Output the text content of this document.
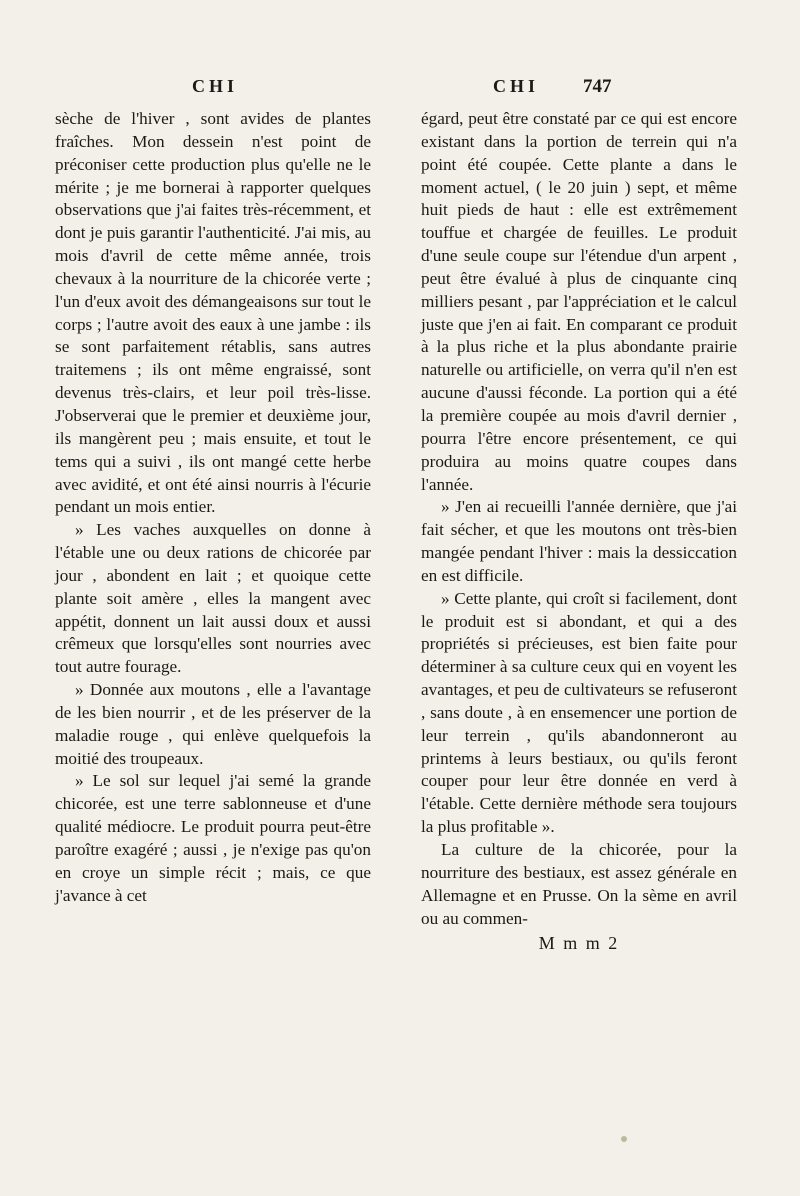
CHI	CHI 747

sèche de l'hiver , sont avides de plantes fraîches. Mon dessein n'est point de préconiser cette production plus qu'elle ne le mérite ; je me bornerai à rapporter quelques observations que j'ai faites très-récemment, et dont je puis garantir l'authenticité. J'ai mis, au mois d'avril de cette même année, trois chevaux à la nourriture de la chicorée verte ; l'un d'eux avoit des démangeaisons sur tout le corps ; l'autre avoit des eaux à une jambe : ils se sont parfaitement rétablis, sans autres traitemens ; ils ont même engraissé, sont devenus très-clairs, et leur poil très-lisse. J'observerai que le premier et deuxième jour, ils mangèrent peu ; mais ensuite, et tout le tems qui a suivi , ils ont mangé cette herbe avec avidité, et ont été ainsi nourris à l'écurie pendant un mois entier.

» Les vaches auxquelles on donne à l'étable une ou deux rations de chicorée par jour , abondent en lait ; et quoique cette plante soit amère , elles la mangent avec appétit, donnent un lait aussi doux et aussi crêmeux que lorsqu'elles sont nourries avec tout autre fourage.

» Donnée aux moutons , elle a l'avantage de les bien nourrir , et de les préserver de la maladie rouge , qui enlève quelquefois la moitié des troupeaux.

» Le sol sur lequel j'ai semé la grande chicorée, est une terre sablonneuse et d'une qualité médiocre. Le produit pourra peut-être paroître exagéré ; aussi , je n'exige pas qu'on en croye un simple récit ; mais, ce que j'avance à cet

égard, peut être constaté par ce qui est encore existant dans la portion de terrein qui n'a point été coupée. Cette plante a dans le moment actuel, ( le 20 juin ) sept, et même huit pieds de haut : elle est extrêmement touffue et chargée de feuilles. Le produit d'une seule coupe sur l'étendue d'un arpent , peut être évalué à plus de cinquante cinq milliers pesant , par l'appréciation et le calcul juste que j'en ai fait. En comparant ce produit à la plus riche et la plus abondante prairie naturelle ou artificielle, on verra qu'il n'en est aucune d'aussi féconde. La portion qui a été la première coupée au mois d'avril dernier , pourra l'être encore présentement, ce qui produira au moins quatre coupes dans l'année.

» J'en ai recueilli l'année dernière, que j'ai fait sécher, et que les moutons ont très-bien mangée pendant l'hiver : mais la dessiccation en est difficile.

» Cette plante, qui croît si facilement, dont le produit est si abondant, et qui a des propriétés si précieuses, est bien faite pour déterminer à sa culture ceux qui en voyent les avantages, et peu de cultivateurs se refuseront , sans doute , à en ensemencer une portion de leur terrein , qu'ils abandonneront au printems à leurs bestiaux, ou qu'ils feront couper pour leur être donnée en verd à l'étable. Cette dernière méthode sera toujours la plus profitable ».

La culture de la chicorée, pour la nourriture des bestiaux, est assez générale en Allemagne et en Prusse. On la sème en avril ou au commen-

M m m 2
